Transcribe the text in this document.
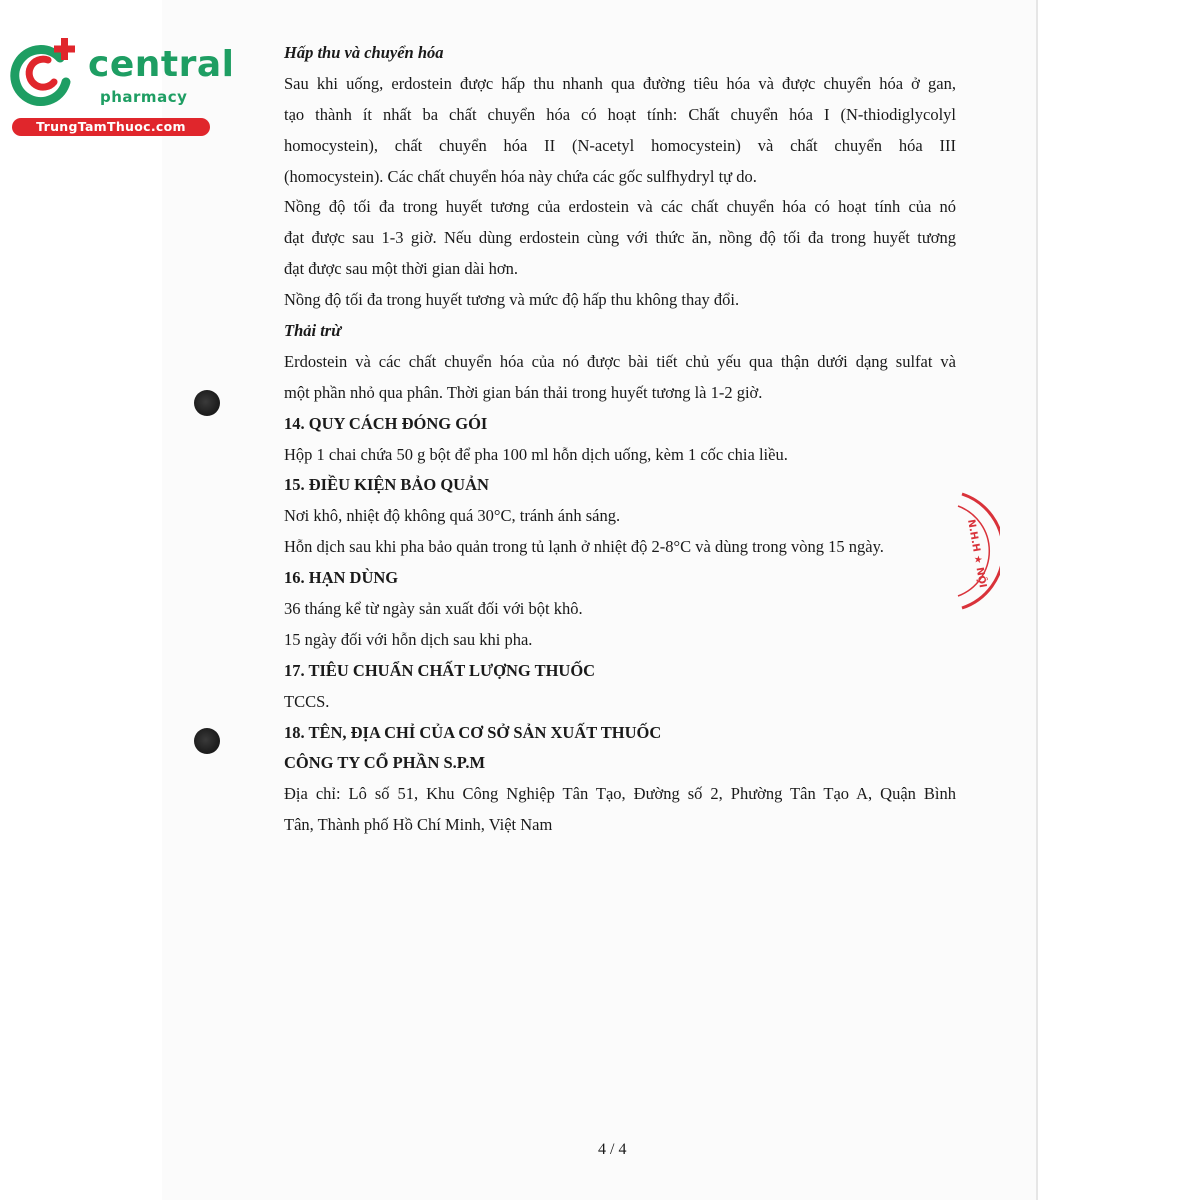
central
pharmacy
TrungTamThuoc.com
N.H.H ★ NỘI
Hấp thu và chuyển hóa
Sau khi uống, erdostein được hấp thu nhanh qua đường tiêu hóa và được chuyển hóa ở gan,
tạo thành ít nhất ba chất chuyển hóa có hoạt tính: Chất chuyển hóa I (N-thiodiglycolyl
homocystein), chất chuyển hóa II (N-acetyl homocystein) và chất chuyển hóa III
(homocystein). Các chất chuyển hóa này chứa các gốc sulfhydryl tự do.
Nồng độ tối đa trong huyết tương của erdostein và các chất chuyển hóa có hoạt tính của nó
đạt được sau 1-3 giờ. Nếu dùng erdostein cùng với thức ăn, nồng độ tối đa trong huyết tương
đạt được sau một thời gian dài hơn.
Nồng độ tối đa trong huyết tương và mức độ hấp thu không thay đổi.
Thải trừ
Erdostein và các chất chuyển hóa của nó được bài tiết chủ yếu qua thận dưới dạng sulfat và
một phần nhỏ qua phân. Thời gian bán thải trong huyết tương là 1-2 giờ.
14. QUY CÁCH ĐÓNG GÓI
Hộp 1 chai chứa 50 g bột để pha 100 ml hỗn dịch uống, kèm 1 cốc chia liều.
15. ĐIỀU KIỆN BẢO QUẢN
Nơi khô, nhiệt độ không quá 30°C, tránh ánh sáng.
Hỗn dịch sau khi pha bảo quản trong tủ lạnh ở nhiệt độ 2-8°C và dùng trong vòng 15 ngày.
16. HẠN DÙNG
36 tháng kể từ ngày sản xuất đối với bột khô.
15 ngày đối với hỗn dịch sau khi pha.
17. TIÊU CHUẨN CHẤT LƯỢNG THUỐC
TCCS.
18. TÊN, ĐỊA CHỈ CỦA CƠ SỞ SẢN XUẤT THUỐC
CÔNG TY CỔ PHẦN S.P.M
Địa chỉ: Lô số 51, Khu Công Nghiệp Tân Tạo, Đường số 2, Phường Tân Tạo A, Quận Bình
Tân, Thành phố Hồ Chí Minh, Việt Nam
4 / 4
